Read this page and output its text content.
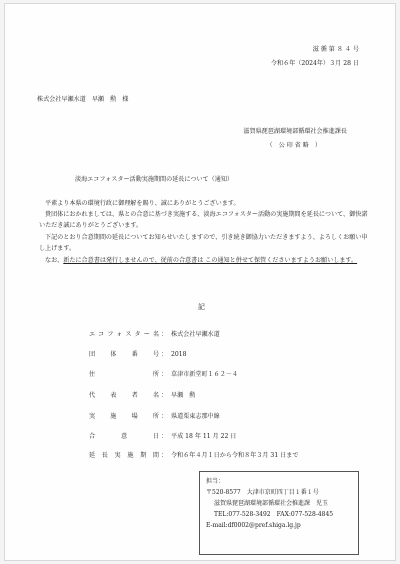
滋 循 第 ８ ４ 号
令和６年（2024年）３月 28 日
株式会社早瀬水道　早瀬　勲　様
滋賀県琵琶湖環境部循環社会推進課長
（　公 印 省 略　）
淡海エコフォスター活動実施期間の延長について（通知）
平素より本県の環境行政に御理解を賜り、誠にありがとうございます。
貴団体におかれましては、県との合意に基づき実施する、淡海エコフォスター活動の実施期間を延長について、御快諾いただき誠にありがとうございます。
下記のとおり合意期間の延長についてお知らせいたしますので、引き続き御協力いただきますよう、よろしくお願い申し上げます。
なお、新たに合意書は発行しませんので、従前の合意書は この通知と併せて保管くださいますようお願いします。
記
エコフォスター名 ： 株式会社早瀬水道
団体番号 ： 2018
住所 ： 草津市新堂町１６２－４
代表者名 ： 早瀬　勲
実施場所 ： 県道栗東志那中線
合意日 ： 平成 18 年 11 月 22 日
延長実施期間 ： 令和６年４月１日から令和８年３月 31 日まで
担当：
〒520-8577　大津市京町四丁目１番１号
滋賀県琵琶湖環境部循環社会推進課　児玉
TEL:077-528-3492　FAX:077-528-4845
E-mail:df0002@pref.shiga.lg.jp
